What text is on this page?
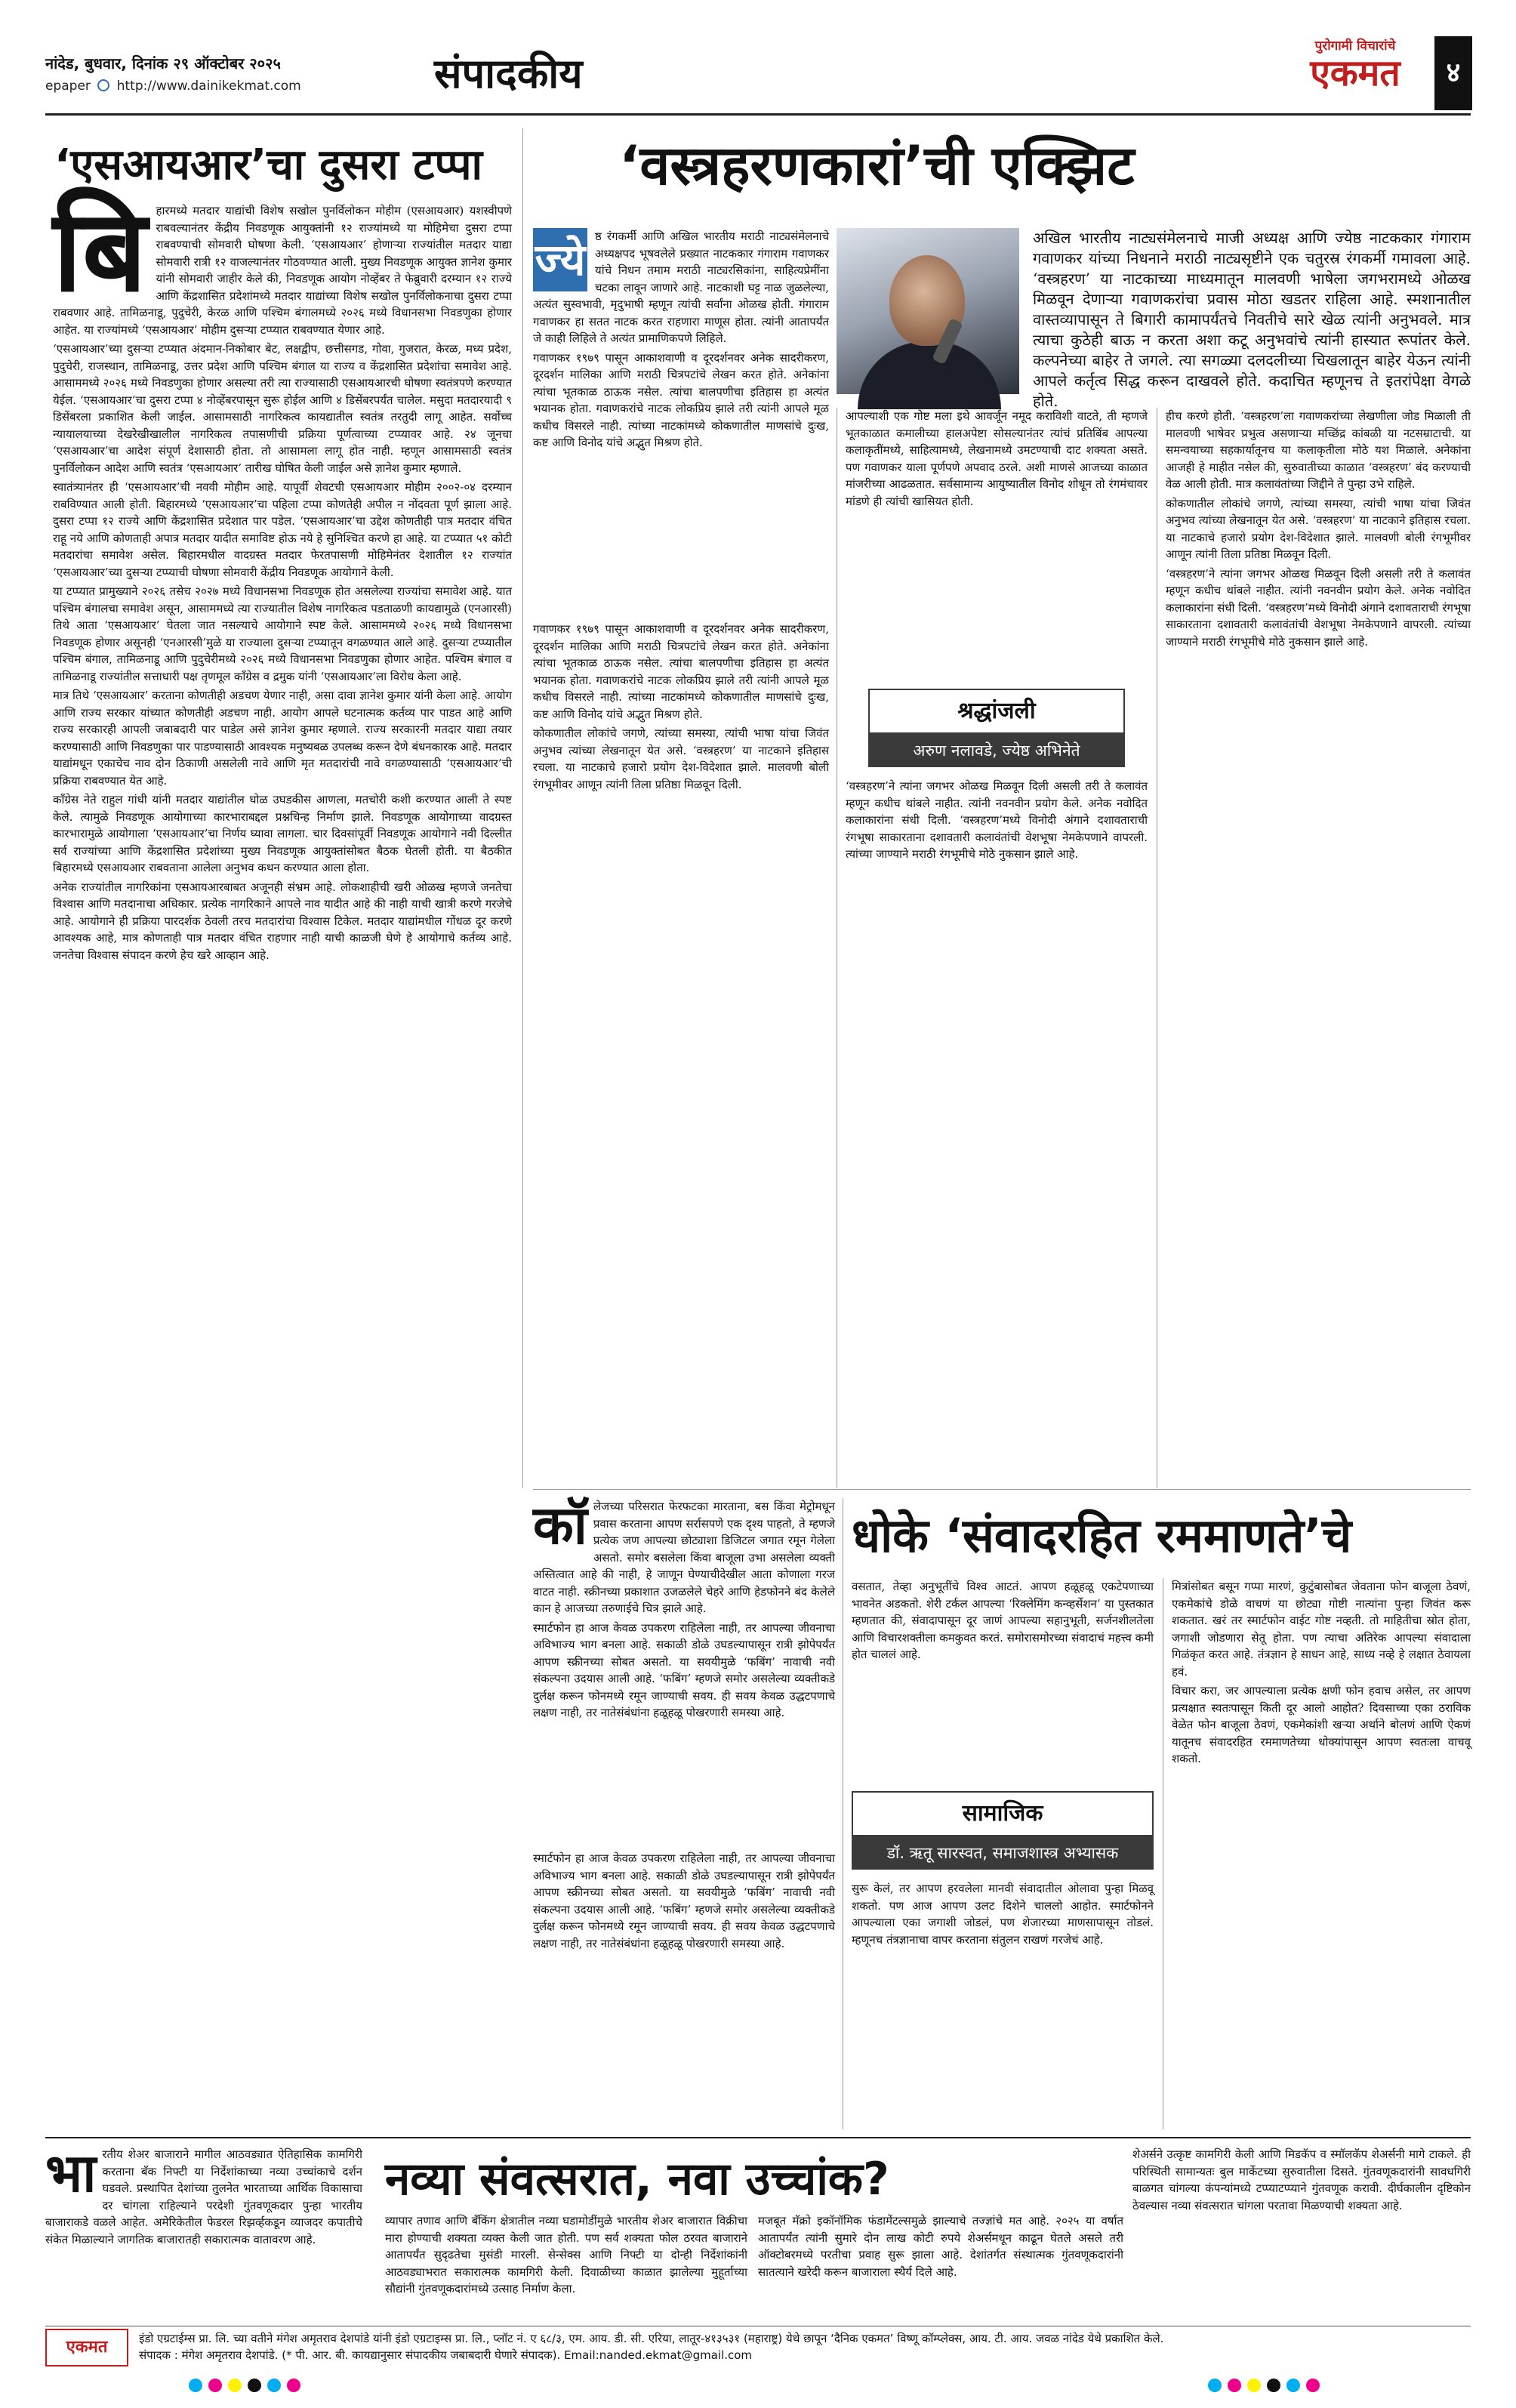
नांदेड, बुधवार, दिनांक २९ ऑक्टोबर २०२५
epaper http://www.dainikekmat.com	संपादकीय
पुरोगामी विचारांचे
एकमत	४
‘एसआयआर’चा दुसरा टप्पा
बि हारमध्ये मतदार याद्यांची विशेष सखोल पुनर्विलोकन मोहीम (एसआयआर) यशस्वीपणे राबवल्यानंतर केंद्रीय निवडणूक आयुक्तांनी १२ राज्यांमध्ये या मोहिमेचा दुसरा टप्पा राबवण्याची सोमवारी घोषणा केली. ‘एसआयआर’ होणाऱ्या राज्यांतील मतदार याद्या सोमवारी रात्री १२ वाजल्यानंतर गोठवण्यात आली. मुख्य निवडणूक आयुक्त ज्ञानेश कुमार यांनी सोमवारी जाहीर केले की, निवडणूक आयोग नोव्हेंबर ते फेब्रुवारी दरम्यान १२ राज्ये आणि केंद्रशासित प्रदेशांमध्ये मतदार याद्यांच्या विशेष सखोल पुनर्विलोकनाचा दुसरा टप्पा राबवणार आहे. तामिळनाडू, पुदुचेरी, केरळ आणि पश्चिम बंगालमध्ये २०२६ मध्ये विधानसभा निवडणुका होणार आहेत. या राज्यांमध्ये ‘एसआयआर’ मोहीम दुसऱ्या टप्प्यात राबवण्यात येणार आहे.

‘एसआयआर’च्या दुसऱ्या टप्प्यात अंदमान-निकोबार बेट, लक्षद्वीप, छत्तीसगड, गोवा, गुजरात, केरळ, मध्य प्रदेश, पुदुचेरी, राजस्थान, तामिळनाडू, उत्तर प्रदेश आणि पश्चिम बंगाल या राज्य व केंद्रशासित प्रदेशांचा समावेश आहे. आसाममध्ये २०२६ मध्ये निवडणुका होणार असल्या तरी त्या राज्यासाठी एसआयआरची घोषणा स्वतंत्रपणे करण्यात येईल. ‘एसआयआर’चा दुसरा टप्पा ४ नोव्हेंबरपासून सुरू होईल आणि ४ डिसेंबरपर्यंत चालेल. मसुदा मतदारयादी ९ डिसेंबरला प्रकाशित केली जाईल. आसामसाठी नागरिकत्व कायद्यातील स्वतंत्र तरतुदी लागू आहेत. सर्वोच्च न्यायालयाच्या देखरेखीखालील नागरिकत्व तपासणीची प्रक्रिया पूर्णत्वाच्या टप्प्यावर आहे. २४ जूनचा ‘एसआयआर’चा आदेश संपूर्ण देशासाठी होता. तो आसामला लागू होत नाही. म्हणून आसामसाठी स्वतंत्र पुनर्विलोकन आदेश आणि स्वतंत्र ‘एसआयआर’ तारीख घोषित केली जाईल असे ज्ञानेश कुमार म्हणाले.

स्वातंत्र्यानंतर ही ‘एसआयआर’ची नववी मोहीम आहे. यापूर्वी शेवटची एसआयआर मोहीम २००२-०४ दरम्यान राबविण्यात आली होती. बिहारमध्ये ‘एसआयआर’चा पहिला टप्पा कोणतेही अपील न नोंदवता पूर्ण झाला आहे. दुसरा टप्पा १२ राज्ये आणि केंद्रशासित प्रदेशात पार पडेल. ‘एसआयआर’चा उद्देश कोणतीही पात्र मतदार वंचित राहू नये आणि कोणताही अपात्र मतदार यादीत समाविष्ट होऊ नये हे सुनिश्चित करणे हा आहे. या टप्प्यात ५१ कोटी मतदारांचा समावेश असेल. बिहारमधील वादग्रस्त मतदार फेरतपासणी मोहिमेनंतर देशातील १२ राज्यांत ‘एसआयआर’च्या दुसऱ्या टप्प्याची घोषणा सोमवारी केंद्रीय निवडणूक आयोगाने केली.

या टप्प्यात प्रामुख्याने २०२६ तसेच २०२७ मध्ये विधानसभा निवडणूक होत असलेल्या राज्यांचा समावेश आहे. यात पश्चिम बंगालचा समावेश असून, आसाममध्ये त्या राज्यातील विशेष नागरिकत्व पडताळणी कायद्यामुळे (एनआरसी) तिथे आता ‘एसआयआर’ घेतला जात नसल्याचे आयोगाने स्पष्ट केले. आसाममध्ये २०२६ मध्ये विधानसभा निवडणूक होणार असूनही ‘एनआरसी’मुळे या राज्याला दुसऱ्या टप्प्यातून वगळण्यात आले आहे. दुसऱ्या टप्प्यातील पश्चिम बंगाल, तामिळनाडू आणि पुदुचेरीमध्ये २०२६ मध्ये विधानसभा निवडणुका होणार आहेत. पश्चिम बंगाल व तामिळनाडू राज्यांतील सत्ताधारी पक्ष तृणमूल काँग्रेस व द्रमुक यांनी ‘एसआयआर’ला विरोध केला आहे.

मात्र तिथे ‘एसआयआर’ करताना कोणतीही अडचण येणार नाही, असा दावा ज्ञानेश कुमार यांनी केला आहे. आयोग आणि राज्य सरकार यांच्यात कोणतीही अडचण नाही. आयोग आपले घटनात्मक कर्तव्य पार पाडत आहे आणि राज्य सरकारही आपली जबाबदारी पार पाडेल असे ज्ञानेश कुमार म्हणाले. राज्य सरकारनी मतदार याद्या तयार करण्यासाठी आणि निवडणुका पार पाडण्यासाठी आवश्यक मनुष्यबळ उपलब्ध करून देणे बंधनकारक आहे. मतदार याद्यांमधून एकाचेच नाव दोन ठिकाणी असलेली नावे आणि मृत मतदारांची नावे वगळण्यासाठी ‘एसआयआर’ची प्रक्रिया राबवण्यात येत आहे.

काँग्रेस नेते राहुल गांधी यांनी मतदार याद्यांतील घोळ उघडकीस आणला, मतचोरी कशी करण्यात आली ते स्पष्ट केले. त्यामुळे निवडणूक आयोगाच्या कारभाराबद्दल प्रश्नचिन्ह निर्माण झाले. निवडणूक आयोगाच्या वादग्रस्त कारभारामुळे आयोगाला ‘एसआयआर’चा निर्णय घ्यावा लागला. चार दिवसांपूर्वी निवडणूक आयोगाने नवी दिल्लीत सर्व राज्यांच्या आणि केंद्रशासित प्रदेशांच्या मुख्य निवडणूक आयुक्तांसोबत बैठक घेतली होती. या बैठकीत बिहारमध्ये एसआयआर राबवताना आलेला अनुभव कथन करण्यात आला होता.

अनेक राज्यांतील नागरिकांना एसआयआरबाबत अजूनही संभ्रम आहे. लोकशाहीची खरी ओळख म्हणजे जनतेचा विश्वास आणि मतदानाचा अधिकार. प्रत्येक नागरिकाने आपले नाव यादीत आहे की नाही याची खात्री करणे गरजेचे आहे. आयोगाने ही प्रक्रिया पारदर्शक ठेवली तरच मतदारांचा विश्वास टिकेल. मतदार याद्यांमधील गोंधळ दूर करणे आवश्यक आहे, मात्र कोणताही पात्र मतदार वंचित राहणार नाही याची काळजी घेणे हे आयोगाचे कर्तव्य आहे. जनतेचा विश्वास संपादन करणे हेच खरे आव्हान आहे.

‘वस्त्रहरणकारां’ची एक्झिट
ज्ये ष्ठ रंगकर्मी आणि अखिल भारतीय मराठी नाट्यसंमेलनाचे अध्यक्षपद भूषवलेले प्रख्यात नाटककार गंगाराम गवाणकर यांचे निधन तमाम मराठी नाट्यरसिकांना, साहित्यप्रेमींना चटका लावून जाणारे आहे. नाटकाशी घट्ट नाळ जुळलेल्या, अत्यंत सुस्वभावी, मृदुभाषी म्हणून त्यांची सर्वांना ओळख होती. गंगाराम गवाणकर हा सतत नाटक करत राहणारा माणूस होता. त्यांनी आतापर्यंत जे काही लिहिले ते अत्यंत प्रामाणिकपणे लिहिले.

गवाणकर १९७९ पासून आकाशवाणी व दूरदर्शनवर अनेक सादरीकरण, दूरदर्शन मालिका आणि मराठी चित्रपटांचे लेखन करत होते. अनेकांना त्यांचा भूतकाळ ठाऊक नसेल. त्यांचा बालपणीचा इतिहास हा अत्यंत भयानक होता. गवाणकरांचे नाटक लोकप्रिय झाले तरी त्यांनी आपले मूळ कधीच विसरले नाही. त्यांच्या नाटकांमध्ये कोकणातील माणसांचे दुःख, कष्ट आणि विनोद यांचे अद्भुत मिश्रण होते.

अखिल भारतीय नाट्यसंमेलनाचे माजी अध्यक्ष आणि ज्येष्ठ नाटककार गंगाराम गवाणकर यांच्या निधनाने मराठी नाट्यसृष्टीने एक चतुरस्र रंगकर्मी गमावला आहे. ‘वस्त्रहरण’ या नाटकाच्या माध्यमातून मालवणी भाषेला जगभरामध्ये ओळख मिळवून देणाऱ्या गवाणकरांचा प्रवास मोठा खडतर राहिला आहे. स्मशानातील वास्तव्यापासून ते बिगारी कामापर्यंतचे निवतीचे सारे खेळ त्यांनी अनुभवले. मात्र त्याचा कुठेही बाऊ न करता अशा कटू अनुभवांचे त्यांनी हास्यात रूपांतर केले. कल्पनेच्या बाहेर ते जगले. त्या सगळ्या दलदलीच्या चिखलातून बाहेर येऊन त्यांनी आपले कर्तृत्व सिद्ध करून दाखवले होते. कदाचित म्हणूनच ते इतरांपेक्षा वेगळे होते.

गवाणकर १९७९ पासून आकाशवाणी व दूरदर्शनवर अनेक सादरीकरण, दूरदर्शन मालिका आणि मराठी चित्रपटांचे लेखन करत होते. अनेकांना त्यांचा भूतकाळ ठाऊक नसेल. त्यांचा बालपणीचा इतिहास हा अत्यंत भयानक होता. गवाणकरांचे नाटक लोकप्रिय झाले तरी त्यांनी आपले मूळ कधीच विसरले नाही. त्यांच्या नाटकांमध्ये कोकणातील माणसांचे दुःख, कष्ट आणि विनोद यांचे अद्भुत मिश्रण होते.

कोकणातील लोकांचे जगणे, त्यांच्या समस्या, त्यांची भाषा यांचा जिवंत अनुभव त्यांच्या लेखनातून येत असे. ‘वस्त्रहरण’ या नाटकाने इतिहास रचला. या नाटकाचे हजारो प्रयोग देश-विदेशात झाले. मालवणी बोली रंगभूमीवर आणून त्यांनी तिला प्रतिष्ठा मिळवून दिली.

आपल्याशी एक गोष्ट मला इथे आवर्जून नमूद कराविशी वाटते, ती म्हणजे भूतकाळात कमालीच्या हालअपेष्टा सोसल्यानंतर त्यांचं प्रतिबिंब आपल्या कलाकृतींमध्ये, साहित्यामध्ये, लेखनामध्ये उमटण्याची दाट शक्यता असते. पण गवाणकर याला पूर्णपणे अपवाद ठरले. अशी माणसे आजच्या काळात मांजरीच्या आढळतात. सर्वसामान्य आयुष्यातील विनोद शोधून तो रंगमंचावर मांडणे ही त्यांची खासियत होती.

श्रद्धांजली
अरुण नलावडे, ज्येष्ठ अभिनेते

‘वस्त्रहरण’ने त्यांना जगभर ओळख मिळवून दिली असली तरी ते कलावंत म्हणून कधीच थांबले नाहीत. त्यांनी नवनवीन प्रयोग केले. अनेक नवोदित कलाकारांना संधी दिली. ‘वस्त्रहरण’मध्ये विनोदी अंगाने दशावताराची रंगभूषा साकारताना दशावतारी कलावंतांची वेशभूषा नेमकेपणाने वापरली. त्यांच्या जाण्याने मराठी रंगभूमीचे मोठे नुकसान झाले आहे.

हीच करणे होती. ‘वस्त्रहरण’ला गवाणकरांच्या लेखणीला जोड मिळाली ती मालवणी भाषेवर प्रभुत्व असणाऱ्या मच्छिंद्र कांबळी या नटसम्राटाची. या समन्वयाच्या सहकार्यातूनच या कलाकृतीला मोठे यश मिळाले. अनेकांना आजही हे माहीत नसेल की, सुरुवातीच्या काळात ‘वस्त्रहरण’ बंद करण्याची वेळ आली होती. मात्र कलावंतांच्या जिद्दीने ते पुन्हा उभे राहिले.

कोकणातील लोकांचे जगणे, त्यांच्या समस्या, त्यांची भाषा यांचा जिवंत अनुभव त्यांच्या लेखनातून येत असे. ‘वस्त्रहरण’ या नाटकाने इतिहास रचला. या नाटकाचे हजारो प्रयोग देश-विदेशात झाले. मालवणी बोली रंगभूमीवर आणून त्यांनी तिला प्रतिष्ठा मिळवून दिली.

‘वस्त्रहरण’ने त्यांना जगभर ओळख मिळवून दिली असली तरी ते कलावंत म्हणून कधीच थांबले नाहीत. त्यांनी नवनवीन प्रयोग केले. अनेक नवोदित कलाकारांना संधी दिली. ‘वस्त्रहरण’मध्ये विनोदी अंगाने दशावताराची रंगभूषा साकारताना दशावतारी कलावंतांची वेशभूषा नेमकेपणाने वापरली. त्यांच्या जाण्याने मराठी रंगभूमीचे मोठे नुकसान झाले आहे.

कॉ लेजच्या परिसरात फेरफटका मारताना, बस किंवा मेट्रोमधून प्रवास करताना आपण सर्रासपणे एक दृश्य पाहतो, ते म्हणजे प्रत्येक जण आपल्या छोट्याशा डिजिटल जगात रमून गेलेला असतो. समोर बसलेला किंवा बाजूला उभा असलेला व्यक्ती अस्तित्वात आहे की नाही, हे जाणून घेण्याचीदेखील आता कोणाला गरज वाटत नाही. स्क्रीनच्या प्रकाशात उजळलेले चेहरे आणि हेडफोनने बंद केलेले कान हे आजच्या तरुणाईचे चित्र झाले आहे.

स्मार्टफोन हा आज केवळ उपकरण राहिलेला नाही, तर आपल्या जीवनाचा अविभाज्य भाग बनला आहे. सकाळी डोळे उघडल्यापासून रात्री झोपेपर्यंत आपण स्क्रीनच्या सोबत असतो. या सवयीमुळे ‘फबिंग’ नावाची नवी संकल्पना उदयास आली आहे. ‘फबिंग’ म्हणजे समोर असलेल्या व्यक्तीकडे दुर्लक्ष करून फोनमध्ये रमून जाण्याची सवय. ही सवय केवळ उद्धटपणाचे लक्षण नाही, तर नातेसंबंधांना हळूहळू पोखरणारी समस्या आहे.

धोके ‘संवादरहित रममाणते’चे

वसतात, तेव्हा अनुभूतींचे विश्व आटतं. आपण हळूहळू एकटेपणाच्या भावनेत अडकतो. शेरी टर्कल आपल्या ‘रिक्लेमिंग कन्व्हर्सेशन’ या पुस्तकात म्हणतात की, संवादापासून दूर जाणं आपल्या सहानुभूती, सर्जनशीलतेला आणि विचारशक्तीला कमकुवत करतं. समोरासमोरच्या संवादाचं महत्त्व कमी होत चाललं आहे.

सामाजिक
डॉ. ऋतू सारस्वत, समाजशास्त्र अभ्यासक

सुरू केलं, तर आपण हरवलेला मानवी संवादातील ओलावा पुन्हा मिळवू शकतो. पण आज आपण उलट दिशेने चाललो आहोत. स्मार्टफोनने आपल्याला एका जगाशी जोडलं, पण शेजारच्या माणसापासून तोडलं. म्हणूनच तंत्रज्ञानाचा वापर करताना संतुलन राखणं गरजेचं आहे.

मित्रांसोबत बसून गप्पा मारणं, कुटुंबासोबत जेवताना फोन बाजूला ठेवणं, एकमेकांचे डोळे वाचणं या छोट्या गोष्टी नात्यांना पुन्हा जिवंत करू शकतात. खरं तर स्मार्टफोन वाईट गोष्ट नव्हती. तो माहितीचा स्रोत होता, जगाशी जोडणारा सेतू होता. पण त्याचा अतिरेक आपल्या संवादाला गिळंकृत करत आहे. तंत्रज्ञान हे साधन आहे, साध्य नव्हे हे लक्षात ठेवायला हवं.

विचार करा, जर आपल्याला प्रत्येक क्षणी फोन हवाच असेल, तर आपण प्रत्यक्षात स्वतःपासून किती दूर आलो आहोत? दिवसाच्या एका ठराविक वेळेत फोन बाजूला ठेवणं, एकमेकांशी खऱ्या अर्थाने बोलणं आणि ऐकणं यातूनच संवादरहित रममाणतेच्या धोक्यांपासून आपण स्वतःला वाचवू शकतो.

स्मार्टफोन हा आज केवळ उपकरण राहिलेला नाही, तर आपल्या जीवनाचा अविभाज्य भाग बनला आहे. सकाळी डोळे उघडल्यापासून रात्री झोपेपर्यंत आपण स्क्रीनच्या सोबत असतो. या सवयीमुळे ‘फबिंग’ नावाची नवी संकल्पना उदयास आली आहे. ‘फबिंग’ म्हणजे समोर असलेल्या व्यक्तीकडे दुर्लक्ष करून फोनमध्ये रमून जाण्याची सवय. ही सवय केवळ उद्धटपणाचे लक्षण नाही, तर नातेसंबंधांना हळूहळू पोखरणारी समस्या आहे.

भा रतीय शेअर बाजाराने मागील आठवड्यात ऐतिहासिक कामगिरी करताना बँक निफ्टी या निर्देशांकाच्या नव्या उच्चांकाचे दर्शन घडवले. प्रस्थापित देशांच्या तुलनेत भारताच्या आर्थिक विकासाचा दर चांगला राहिल्याने परदेशी गुंतवणूकदार पुन्हा भारतीय बाजाराकडे वळले आहेत. अमेरिकेतील फेडरल रिझर्व्हकडून व्याजदर कपातीचे संकेत मिळाल्याने जागतिक बाजारातही सकारात्मक वातावरण आहे.

नव्या संवत्सरात, नवा उच्चांक?	शेअर्सने उत्कृष्ट कामगिरी केली आणि मिडकॅप व स्मॉलकॅप शेअर्सनी मागे टाकले. ही परिस्थिती सामान्यतः बुल मार्केटच्या सुरुवातीला दिसते. गुंतवणूकदारांनी सावधगिरी बाळगत चांगल्या कंपन्यांमध्ये टप्प्याटप्प्याने गुंतवणूक करावी. दीर्घकालीन दृष्टिकोन ठेवल्यास नव्या संवत्सरात चांगला परतावा मिळण्याची शक्यता आहे.

व्यापार तणाव आणि बँकिंग क्षेत्रातील नव्या घडामोडींमुळे भारतीय शेअर बाजारात विक्रीचा मारा होण्याची शक्यता व्यक्त केली जात होती. पण सर्व शक्यता फोल ठरवत बाजाराने आतापर्यंत सुदृढतेचा मुसंडी मारली. सेन्सेक्स आणि निफ्टी या दोन्ही निर्देशांकांनी आठवड्याभरात सकारात्मक कामगिरी केली. दिवाळीच्या काळात झालेल्या मुहूर्ताच्या सौद्यांनी गुंतवणूकदारांमध्ये उत्साह निर्माण केला.

मजबूत मॅक्रो इकॉनॉमिक फंडामेंटल्समुळे झाल्याचे तज्ज्ञांचे मत आहे. २०२५ या वर्षात आतापर्यंत त्यांनी सुमारे दोन लाख कोटी रुपये शेअर्समधून काढून घेतले असले तरी ऑक्टोबरमध्ये परतीचा प्रवाह सुरू झाला आहे. देशांतर्गत संस्थात्मक गुंतवणूकदारांनी सातत्याने खरेदी करून बाजाराला स्थैर्य दिले आहे.

एकमत	इंडो एग्रटाईम्स प्रा. लि. च्या वतीने मंगेश अमृतराव देशपांडे यांनी इंडो एग्रटाइम्स प्रा. लि., प्लॉट नं. ए ६८/३, एम. आय. डी. सी. एरिया, लातूर-४१३५३१ (महाराष्ट्र) येथे छापून ‘दैनिक एकमत’ विष्णू कॉम्प्लेक्स, आय. टी. आय. जवळ नांदेड येथे प्रकाशित केले.
संपादक : मंगेश अमृतराव देशपांडे. (* पी. आर. बी. कायद्यानुसार संपादकीय जबाबदारी घेणारे संपादक). Email:nanded.ekmat@gmail.com
